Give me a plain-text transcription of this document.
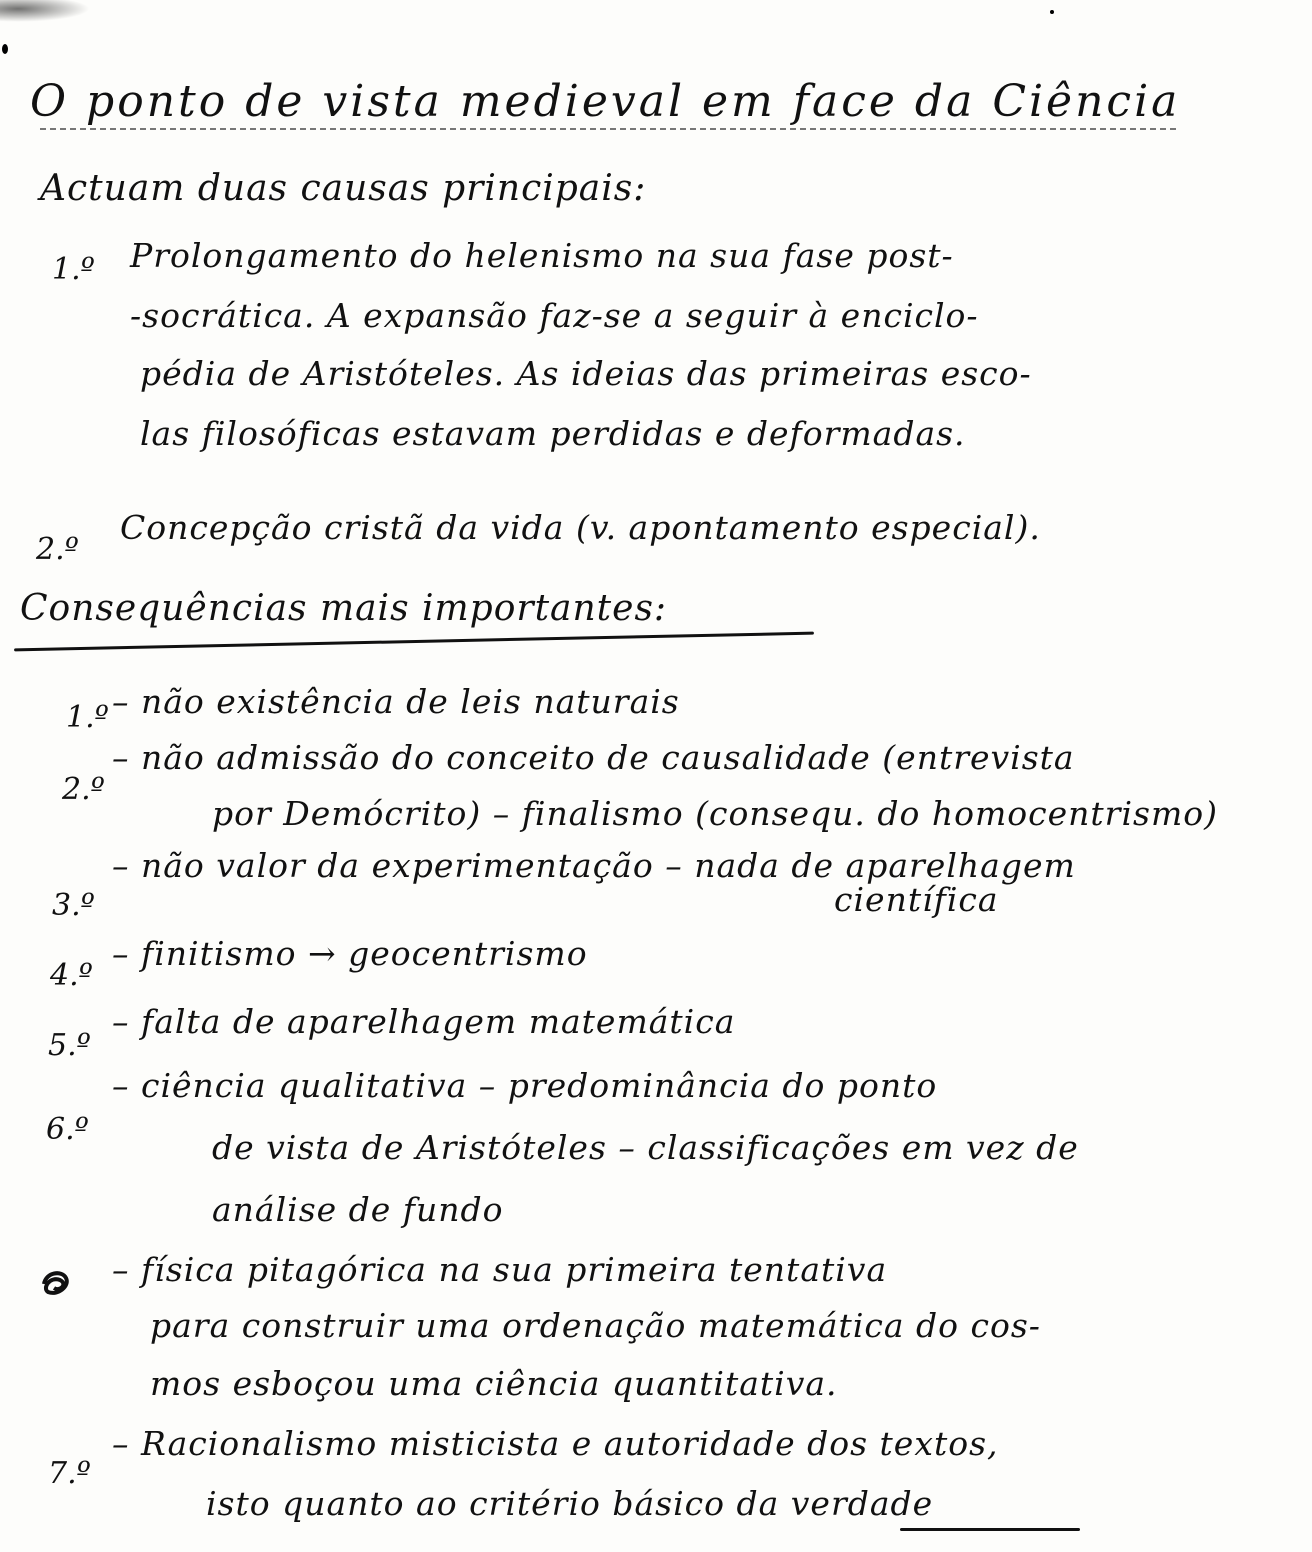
O ponto de vista medieval em face da Ciência
Actuam duas causas principais:
1.º Prolongamento do helenismo na sua fase post-
-socrática. A expansão faz-se a seguir à enciclo-
pédia de Aristóteles. As ideias das primeiras esco-
las filosóficas estavam perdidas e deformadas.
2.º
Concepção cristã da vida (v. apontamento especial).
Consequências mais importantes:
1.º – não existência de leis naturais
2.º
– não admissão do conceito de causalidade (entrevista
por Demócrito) – finalismo (consequ. do homocentrismo)
3.º
– não valor da experimentação – nada de aparelhagem
científica
4.º
– finitismo → geocentrismo
5.º
– falta de aparelhagem matemática
6.º
– ciência qualitativa – predominância do ponto
de vista de Aristóteles – classificações em vez de
análise de fundo
– física pitagórica na sua primeira tentativa
para construir uma ordenação matemática do cos-
mos esboçou uma ciência quantitativa.
7.º
– Racionalismo misticista e autoridade dos textos,
isto quanto ao critério básico da verdade
